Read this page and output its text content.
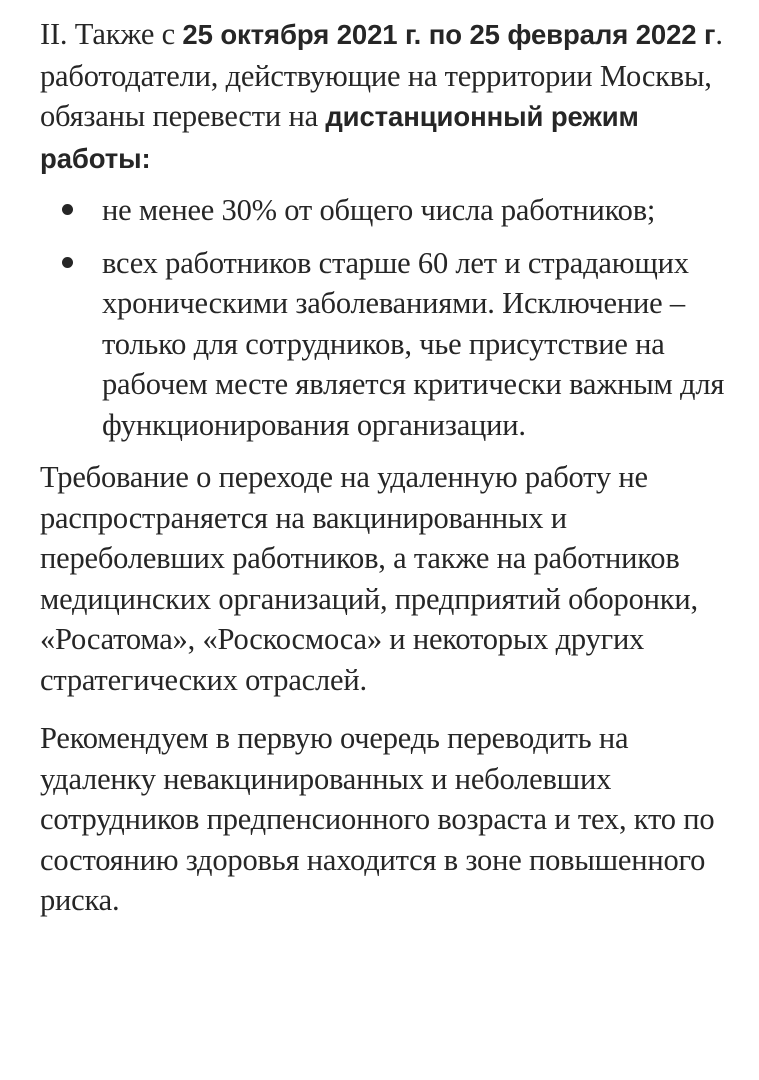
II. Также с 25 октября 2021 г. по 25 февраля 2022 г. работодатели, действующие на территории Москвы, обязаны перевести на дистанционный режим работы:

не менее 30% от общего числа работников;
всех работников старше 60 лет и страдающих хроническими заболеваниями. Исключение – только для сотрудников, чье присутствие на рабочем месте является критически важным для функционирования организации.

Требование о переходе на удаленную работу не распространяется на вакцинированных и переболевших работников, а также на работников медицинских организаций, предприятий оборонки, «Росатома», «Роскосмоса» и некоторых других стратегических отраслей.

Рекомендуем в первую очередь переводить на удаленку невакцинированных и неболевших сотрудников предпенсионного возраста и тех, кто по состоянию здоровья находится в зоне повышенного риска.
